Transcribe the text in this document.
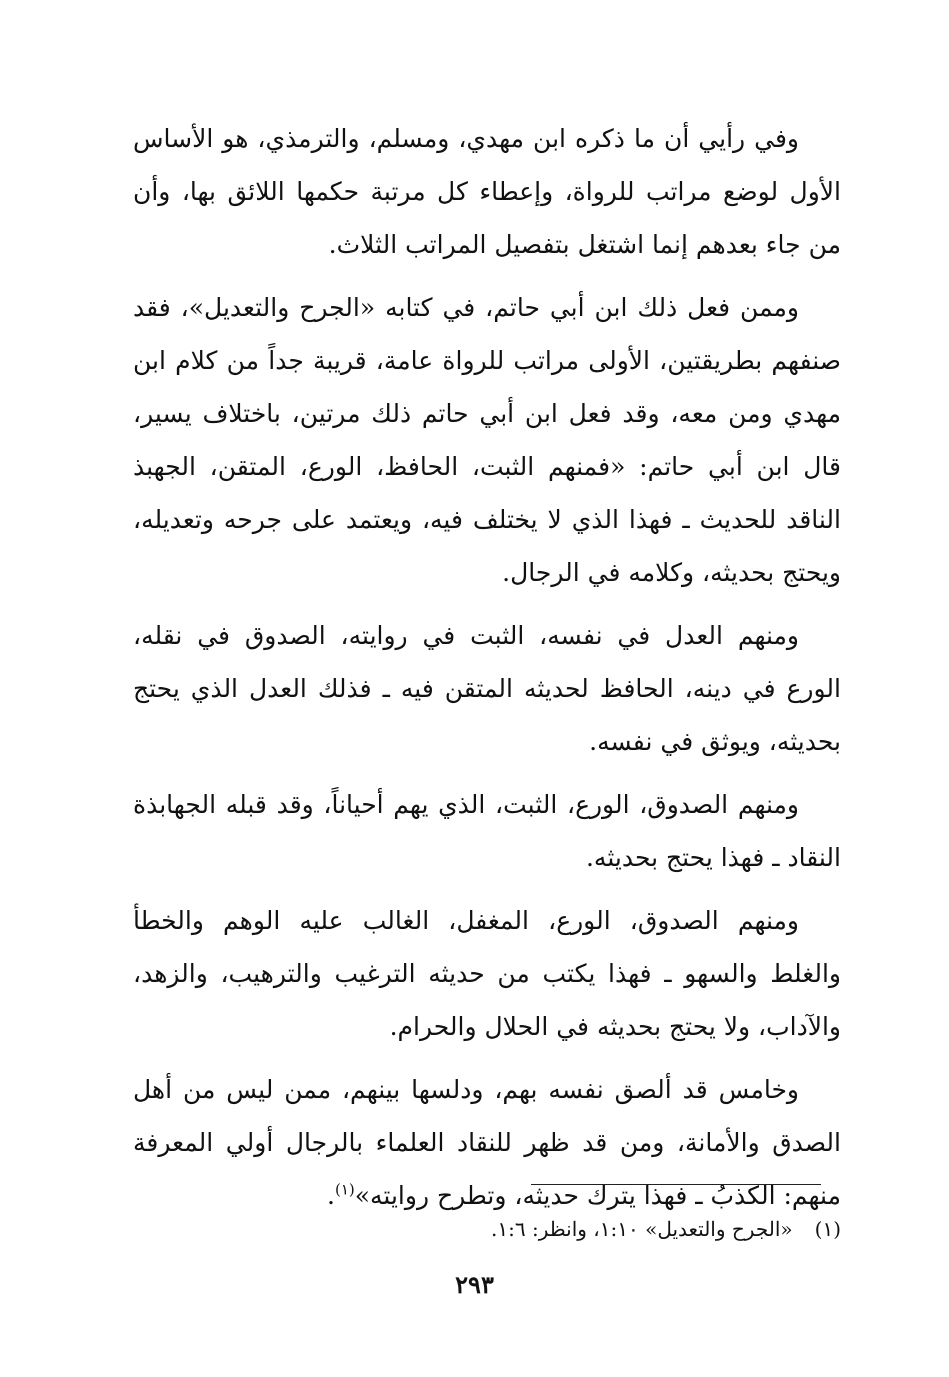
وفي رأيي أن ما ذكره ابن مهدي، ومسلم، والترمذي، هو الأساس الأول لوضع مراتب للرواة، وإعطاء كل مرتبة حكمها اللائق بها، وأن من جاء بعدهم إنما اشتغل بتفصيل المراتب الثلاث.

وممن فعل ذلك ابن أبي حاتم، في كتابه «الجرح والتعديل»، فقد صنفهم بطريقتين، الأولى مراتب للرواة عامة، قريبة جداً من كلام ابن مهدي ومن معه، وقد فعل ابن أبي حاتم ذلك مرتين، باختلاف يسير، قال ابن أبي حاتم: «فمنهم الثبت، الحافظ، الورع، المتقن، الجهبذ الناقد للحديث ـ فهذا الذي لا يختلف فيه، ويعتمد على جرحه وتعديله، ويحتج بحديثه، وكلامه في الرجال.

ومنهم العدل في نفسه، الثبت في روايته، الصدوق في نقله، الورع في دينه، الحافظ لحديثه المتقن فيه ـ فذلك العدل الذي يحتج بحديثه، ويوثق في نفسه.

ومنهم الصدوق، الورع، الثبت، الذي يهم أحياناً، وقد قبله الجهابذة النقاد ـ فهذا يحتج بحديثه.

ومنهم الصدوق، الورع، المغفل، الغالب عليه الوهم والخطأ والغلط والسهو ـ فهذا يكتب من حديثه الترغيب والترهيب، والزهد، والآداب، ولا يحتج بحديثه في الحلال والحرام.

وخامس قد ألصق نفسه بهم، ودلسها بينهم، ممن ليس من أهل الصدق والأمانة، ومن قد ظهر للنقاد العلماء بالرجال أولي المعرفة منهم: الكذبُ ـ فهذا يترك حديثه، وتطرح روايته»$^{(١)}$.

(١)«الجرح والتعديل» ١:١٠، وانظر: ١:٦.
٢٩٣
